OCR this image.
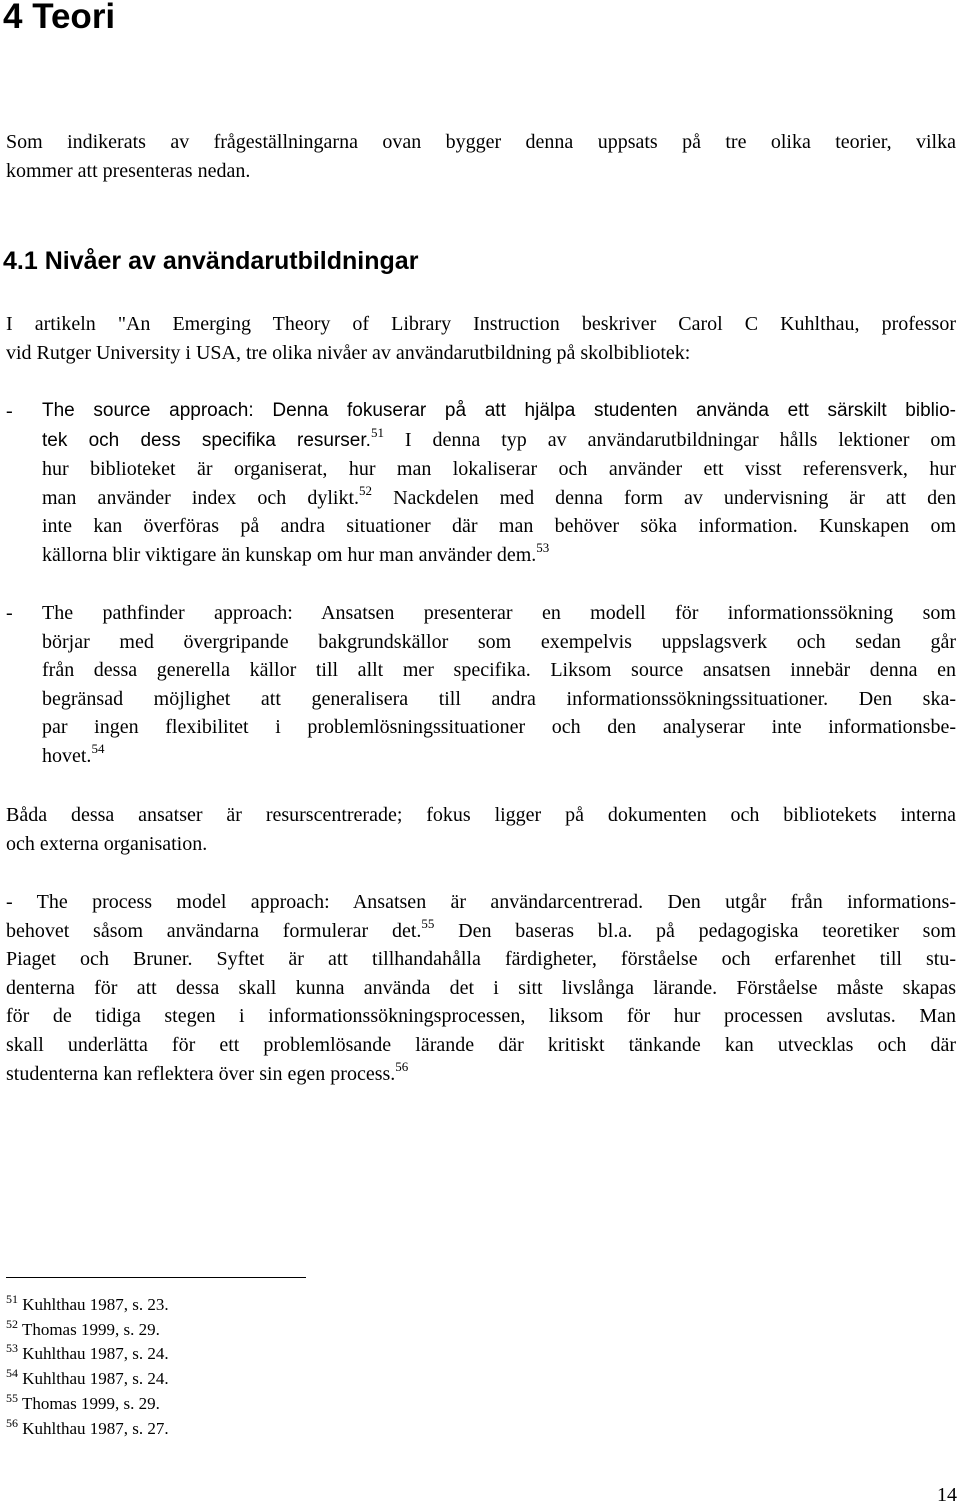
4 Teori
Som indikerats av frågeställningarna ovan bygger denna uppsats på tre olika teorier, vilka
kommer att presenteras nedan.
4.1 Nivåer av användarutbildningar
I artikeln "An Emerging Theory of Library Instruction beskriver Carol C Kuhlthau, professor
vid Rutger University i USA, tre olika nivåer av användarutbildning på skolbibliotek:
- The source approach: Denna fokuserar på att hjälpa studenten använda ett särskilt biblio-
tek och dess specifika resurser.$^{51}$ I denna typ av användarutbildningar hålls lektioner om
hur biblioteket är organiserat, hur man lokaliserar och använder ett visst referensverk, hur
man använder index och dylikt.$^{52}$ Nackdelen med denna form av undervisning är att den
inte kan överföras på andra situationer där man behöver söka information. Kunskapen om
källorna blir viktigare än kunskap om hur man använder dem.$^{53}$
- The pathfinder approach: Ansatsen presenterar en modell för informationssökning som
börjar med övergripande bakgrundskällor som exempelvis uppslagsverk och sedan går
från dessa generella källor till allt mer specifika. Liksom source ansatsen innebär denna en
begränsad möjlighet att generalisera till andra informationssökningssituationer. Den ska-
par ingen flexibilitet i problemlösningssituationer och den analyserar inte informationsbe-
hovet.$^{54}$
Båda dessa ansatser är resurscentrerade; fokus ligger på dokumenten och bibliotekets interna
och externa organisation.
- The process model approach: Ansatsen är användarcentrerad. Den utgår från informations-
behovet såsom användarna formulerar det.$^{55}$ Den baseras bl.a. på pedagogiska teoretiker som
Piaget och Bruner. Syftet är att tillhandahålla färdigheter, förståelse och erfarenhet till stu-
denterna för att dessa skall kunna använda det i sitt livslånga lärande. Förståelse måste skapas
för de tidiga stegen i informationssökningsprocessen, liksom för hur processen avslutas. Man
skall underlätta för ett problemlösande lärande där kritiskt tänkande kan utvecklas och där
studenterna kan reflektera över sin egen process.$^{56}$
$^{51}$ Kuhlthau 1987, s. 23.
$^{52}$ Thomas 1999, s. 29.
$^{53}$ Kuhlthau 1987, s. 24.
$^{54}$ Kuhlthau 1987, s. 24.
$^{55}$ Thomas 1999, s. 29.
$^{56}$ Kuhlthau 1987, s. 27.
14
